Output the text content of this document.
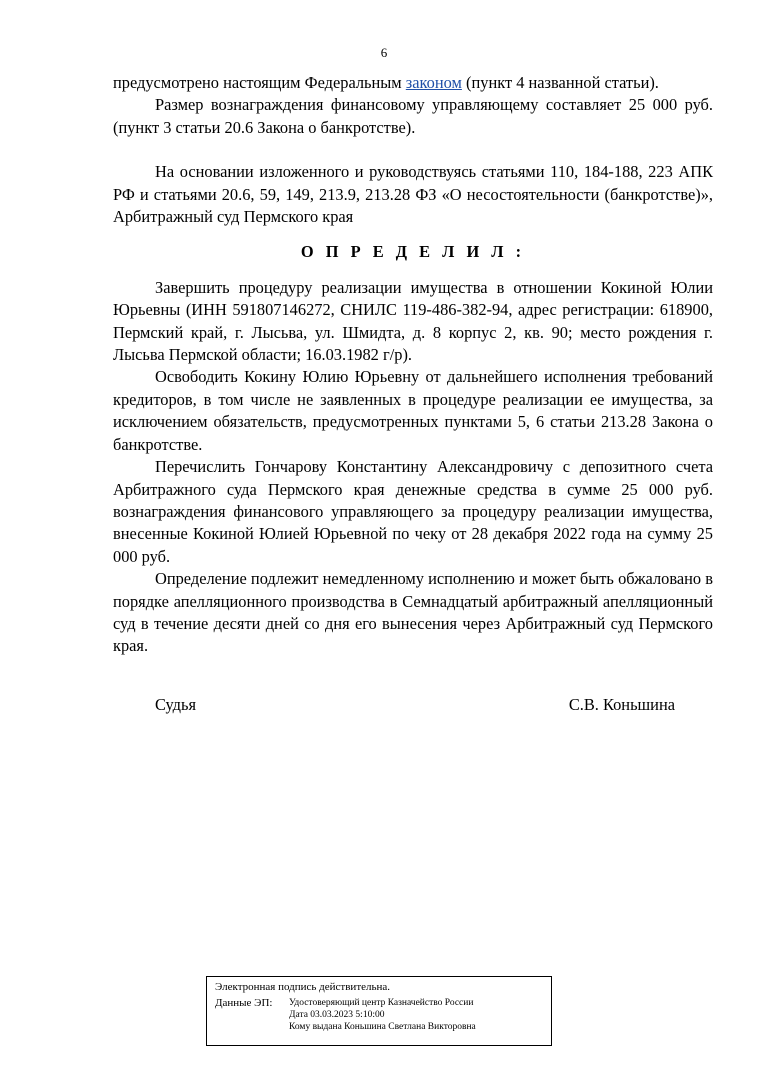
6

предусмотрено настоящим Федеральным законом (пункт 4 названной статьи).

Размер вознаграждения финансовому управляющему составляет 25 000 руб. (пункт 3 статьи 20.6 Закона о банкротстве).

На основании изложенного и руководствуясь статьями 110, 184-188, 223 АПК РФ и статьями 20.6, 59, 149, 213.9, 213.28 ФЗ «О несостоятельности (банкротстве)», Арбитражный суд Пермского края

О П Р Е Д Е Л И Л :

Завершить процедуру реализации имущества в отношении Кокиной Юлии Юрьевны (ИНН 591807146272, СНИЛС 119-486-382-94, адрес регистрации: 618900, Пермский край, г. Лысьва, ул. Шмидта, д. 8 корпус 2, кв. 90; место рождения г. Лысьва Пермской области; 16.03.1982 г/р).

Освободить Кокину Юлию Юрьевну от дальнейшего исполнения требований кредиторов, в том числе не заявленных в процедуре реализации ее имущества, за исключением обязательств, предусмотренных пунктами 5, 6 статьи 213.28 Закона о банкротстве.

Перечислить Гончарову Константину Александровичу с депозитного счета Арбитражного суда Пермского края денежные средства в сумме 25 000 руб. вознаграждения финансового управляющего за процедуру реализации имущества, внесенные Кокиной Юлией Юрьевной по чеку от 28 декабря 2022 года на сумму 25 000 руб.

Определение подлежит немедленному исполнению и может быть обжаловано в порядке апелляционного производства в Семнадцатый арбитражный апелляционный суд в течение десяти дней со дня его вынесения через Арбитражный суд Пермского края.

Судья	С.В. Коньшина
Электронная подпись действительна.
Данные ЭП:	Удостоверяющий центр Казначейство России
Дата 03.03.2023 5:10:00
Кому выдана Коньшина Светлана Викторовна
